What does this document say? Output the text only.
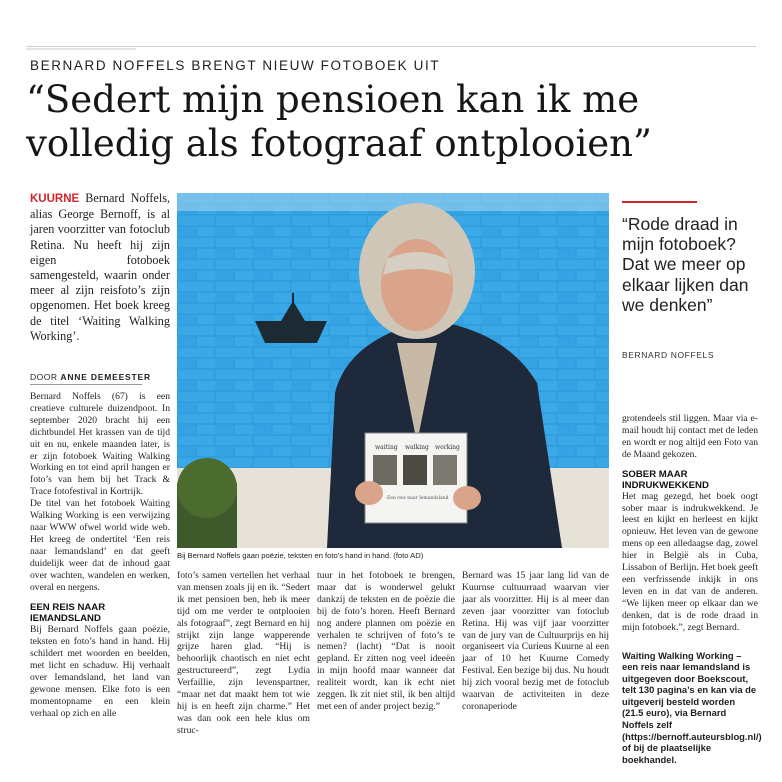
BERNARD NOFFELS BRENGT NIEUW FOTOBOEK UIT
“Sedert mijn pensioen kan ik me volledig als fotograaf ontplooien”
KUURNE Bernard Noffels, alias George Bernoff, is al jaren voorzitter van fotoclub Retina. Nu heeft hij zijn eigen fotoboek samengesteld, waarin onder meer al zijn reisfoto’s zijn opgenomen. Het boek kreeg de titel ‘Waiting Walking Working’.
DOOR ANNE DEMEESTER
Bernard Noffels (67) is een creatieve culturele duizendpoot. In september 2020 bracht hij een dichtbundel Het krassen van de tijd uit en nu, enkele maanden later, is er zijn fotoboek Waiting Walking Working en tot eind april hangen er foto’s van hem bij het Track & Trace fotofestival in Kortrijk.
De titel van het fotoboek Waiting Walking Working is een verwijzing naar WWW ofwel world wide web. Het kreeg de ondertitel ‘Een reis naar Iemandsland’ en dat geeft duidelijk weer dat de inhoud gaat over wachten, wandelen en werken, overal en nergens.
EEN REIS NAAR IEMANDSLAND
Bij Bernard Noffels gaan poëzie, teksten en foto’s hand in hand. Hij schildert met woorden en beelden, met licht en schaduw. Hij verhaalt over Iemandsland, het land van gewone mensen. Elke foto is een momentopname en een klein verhaal op zich en alle
waiting walking working
Een reis naar Iemandsland
Bij Bernard Noffels gaan poëzie, teksten en foto’s hand in hand. (foto AD)
“Rode draad in mijn fotoboek? Dat we meer op elkaar lijken dan we denken”
BERNARD NOFFELS
foto’s samen vertellen het verhaal van mensen zoals jij en ik. “Sedert ik met pensioen ben, heb ik meer tijd om me verder te ontplooien als fotograaf”, zegt Bernard en hij strijkt zijn lange wapperende grijze haren glad. “Hij is behoorlijk chaotisch en niet echt gestructureerd”, zegt Lydia Verfaillie, zijn levenspartner, “maar net dat maakt hem tot wie hij is en heeft zijn charme.” Het was dan ook een hele klus om struc-
tuur in het fotoboek te brengen, maar dat is wonderwel gelukt dankzij de teksten en de poëzie die bij de foto’s horen. Heeft Bernard nog andere plannen om poëzie en verhalen te schrijven of foto’s te nemen? (lacht) “Dat is nooit gepland. Er zitten nog veel ideeën in mijn hoofd maar wanneer dat realiteit wordt, kan ik echt niet zeggen. Ik zit niet stil, ik ben altijd met een of ander project bezig.”
Bernard was 15 jaar lang lid van de Kuurnse cultuurraad waarvan vier jaar als voorzitter. Hij is al meer dan zeven jaar voorzitter van fotoclub Retina. Hij was vijf jaar voorzitter van de jury van de Cultuurprijs en hij organiseert via Curieus Kuurne al een jaar of 10 het Kuurne Comedy Festival. Een bezige bij dus. Nu houdt hij zich vooral bezig met de fotoclub waarvan de activiteiten in deze coronaperiode
grotendeels stil liggen. Maar via e-mail houdt hij contact met de leden en wordt er nog altijd een Foto van de Maand gekozen.
SOBER MAAR INDRUKWEKKEND
Het mag gezegd, het boek oogt sober maar is indrukwekkend. Je leest en kijkt en herleest en kijkt opnieuw. Het leven van de gewone mens op een alledaagse dag, zowel hier in België als in Cuba, Lissabon of Berlijn. Het boek geeft een verfrissende inkijk in ons leven en in dat van de anderen. “We lijken meer op elkaar dan we denken, dat is de rode draad in mijn fotoboek.”, zegt Bernard.
Waiting Walking Working – een reis naar Iemandsland is uitgegeven door Boekscout, telt 130 pagina’s en kan via de uitgeverij besteld worden (21.5 euro), via Bernard Noffels zelf (https://bernoff.auteursblog.nl/) of bij de plaatselijke boekhandel.
